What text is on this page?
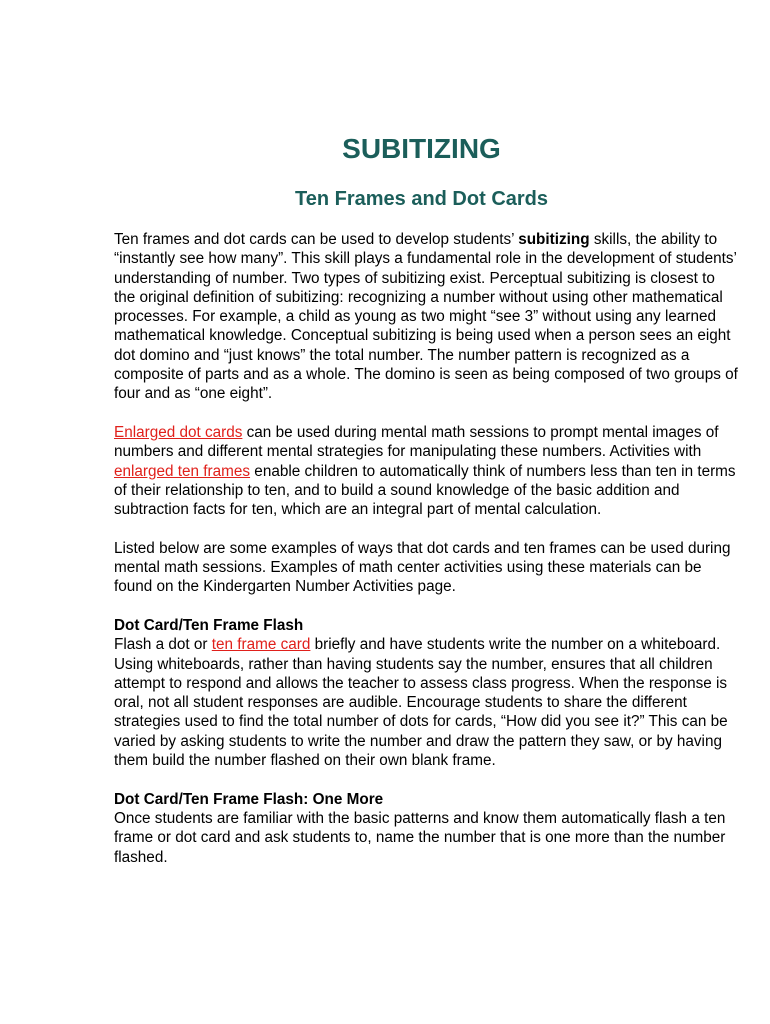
SUBITIZING
Ten Frames and Dot Cards

Ten frames and dot cards can be used to develop students’ subitizing skills, the ability to “instantly see how many”. This skill plays a fundamental role in the development of students’ understanding of number. Two types of subitizing exist. Perceptual subitizing is closest to the original definition of subitizing: recognizing a number without using other mathematical processes. For example, a child as young as two might “see 3” without using any learned mathematical knowledge. Conceptual subitizing is being used when a person sees an eight dot domino and “just knows” the total number. The number pattern is recognized as a composite of parts and as a whole. The domino is seen as being composed of two groups of four and as “one eight”.

Enlarged dot cards can be used during mental math sessions to prompt mental images of numbers and different mental strategies for manipulating these numbers. Activities with enlarged ten frames enable children to automatically think of numbers less than ten in terms of their relationship to ten, and to build a sound knowledge of the basic addition and subtraction facts for ten, which are an integral part of mental calculation.

Listed below are some examples of ways that dot cards and ten frames can be used during mental math sessions. Examples of math center activities using these materials can be found on the Kindergarten Number Activities page.

Dot Card/Ten Frame Flash
Flash a dot or ten frame card briefly and have students write the number on a whiteboard. Using whiteboards, rather than having students say the number, ensures that all children attempt to respond and allows the teacher to assess class progress. When the response is oral, not all student responses are audible. Encourage students to share the different strategies used to find the total number of dots for cards, “How did you see it?” This can be varied by asking students to write the number and draw the pattern they saw, or by having them build the number flashed on their own blank frame.

Dot Card/Ten Frame Flash: One More
Once students are familiar with the basic patterns and know them automatically flash a ten frame or dot card and ask students to, name the number that is one more than the number flashed.
